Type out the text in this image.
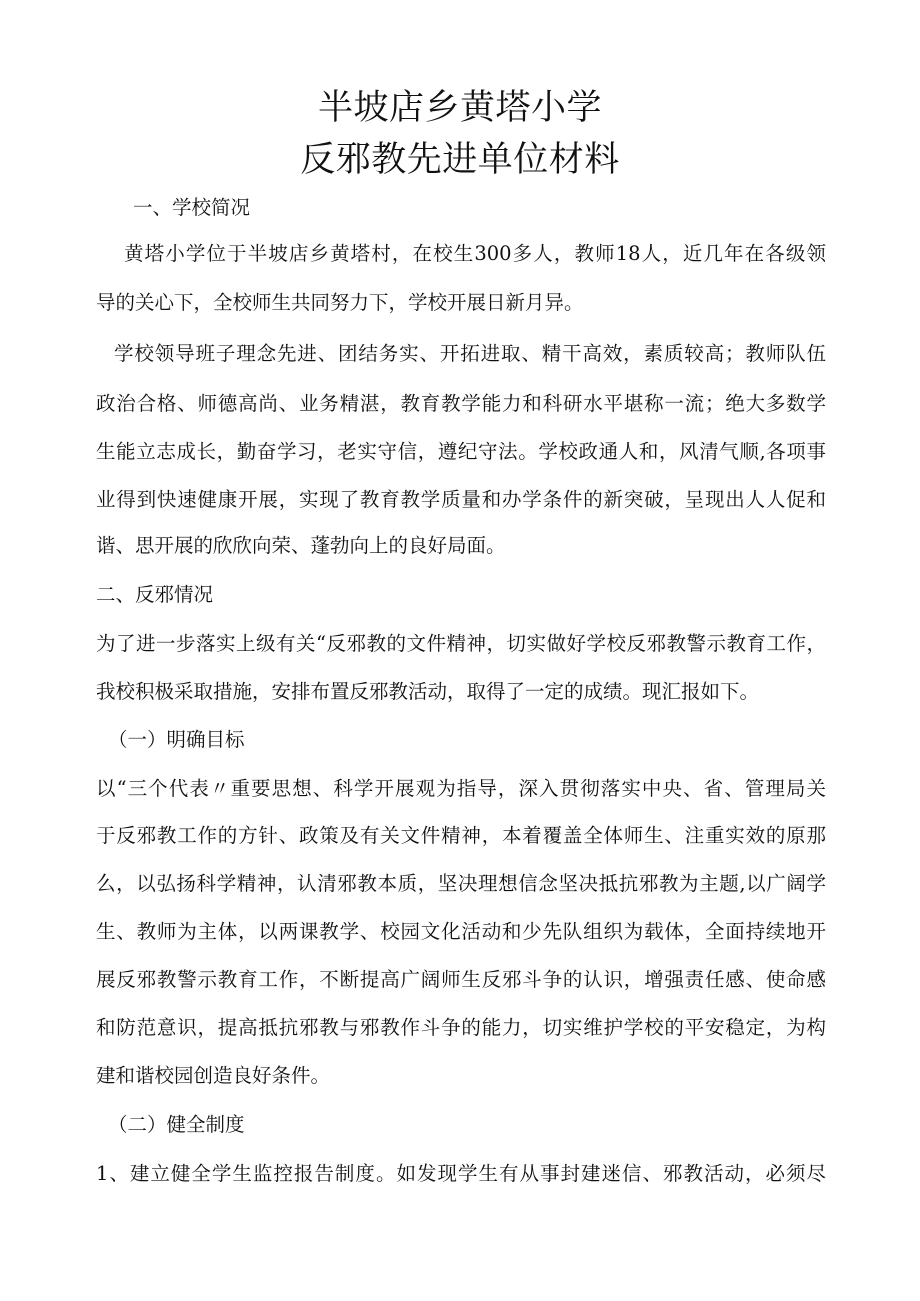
半坡店乡黄塔小学
反邪教先进单位材料

一、学校简况

黄塔小学位于半坡店乡黄塔村，在校生300多人，教师18人，近几年在各级领

导的关心下，全校师生共同努力下，学校开展日新月异。

学校领导班子理念先进、团结务实、开拓进取、精干高效，素质较高；教师队伍

政治合格、师德高尚、业务精湛，教育教学能力和科研水平堪称一流；绝大多数学

生能立志成长，勤奋学习，老实守信，遵纪守法。学校政通人和，风清气顺,各项事

业得到快速健康开展，实现了教育教学质量和办学条件的新突破，呈现出人人促和

谐、思开展的欣欣向荣、蓬勃向上的良好局面。

二、反邪情况

为了进一步落实上级有关“反邪教的文件精神，切实做好学校反邪教警示教育工作，

我校积极采取措施，安排布置反邪教活动，取得了一定的成绩。现汇报如下。

（一）明确目标

以“三个代表〃重要思想、科学开展观为指导，深入贯彻落实中央、省、管理局关

于反邪教工作的方针、政策及有关文件精神，本着覆盖全体师生、注重实效的原那

么，以弘扬科学精神，认清邪教本质，坚决理想信念坚决抵抗邪教为主题,以广阔学

生、教师为主体，以两课教学、校园文化活动和少先队组织为载体，全面持续地开

展反邪教警示教育工作，不断提高广阔师生反邪斗争的认识，增强责任感、使命感

和防范意识，提高抵抗邪教与邪教作斗争的能力，切实维护学校的平安稳定，为构

建和谐校园创造良好条件。

（二）健全制度

1、建立健全学生监控报告制度。如发现学生有从事封建迷信、邪教活动，必须尽
